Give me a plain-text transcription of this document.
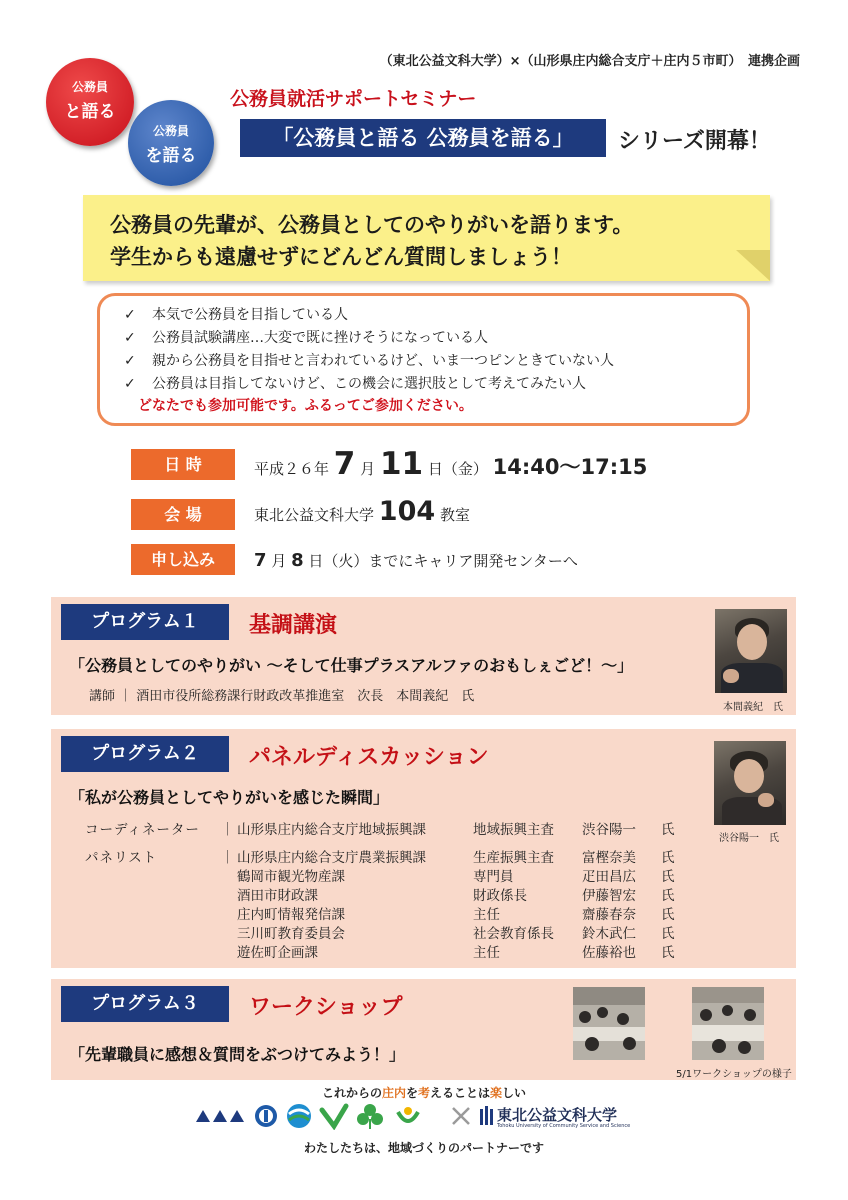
（東北公益文科大学）×（山形県庄内総合支庁＋庄内５市町）　連携企画
公務員
と語る
公務員
を語る
公務員就活サポートセミナー
「公務員と語る 公務員を語る」	シリーズ開幕！
公務員の先輩が、公務員としてのやりがいを語ります。
学生からも遠慮せずにどんどん質問しましょう！
✓ 本気で公務員を目指している人
✓ 公務員試験講座…大変で既に挫けそうになっている人
✓ 親から公務員を目指せと言われているけど、いま一つピンときていない人
✓ 公務員は目指してないけど、この機会に選択肢として考えてみたい人
どなたでも参加可能です。ふるってご参加ください。
日 時	平成２６年 7 月 11 日（金） 14:40～17:15
会 場	東北公益文科大学 104 教室
申し込み	7 月 8 日（火）までにキャリア開発センターへ
プログラム１	基調講演
「公務員としてのやりがい ～そして仕事プラスアルファのおもしぇごど！～」
講師 ｜ 酒田市役所総務課行財政改革推進室　次長　本間義紀　氏
本間義紀　氏
プログラム２	パネルディスカッション
「私が公務員としてやりがいを感じた瞬間」
渋谷陽一　氏
コーディネーター	｜ 山形県庄内総合支庁地域振興課	地域振興主査 渋谷陽一 氏
パネリスト	｜ 山形県庄内総合支庁農業振興課	生産振興主査 富樫奈美 氏
鶴岡市観光物産課	専門員	疋田昌広 氏
酒田市財政課	財政係長	伊藤智宏 氏
庄内町情報発信課	主任	齋藤春奈 氏
三川町教育委員会	社会教育係長 鈴木武仁 氏
遊佐町企画課	主任	佐藤裕也 氏
プログラム３	ワークショップ
「先輩職員に感想＆質問をぶつけてみよう！」
5/1ワークショップの様子
これからの庄内を考えることは楽しい
東北公益文科大学
Tohoku University of Community Service and Science
わたしたちは、地域づくりのパートナーです
